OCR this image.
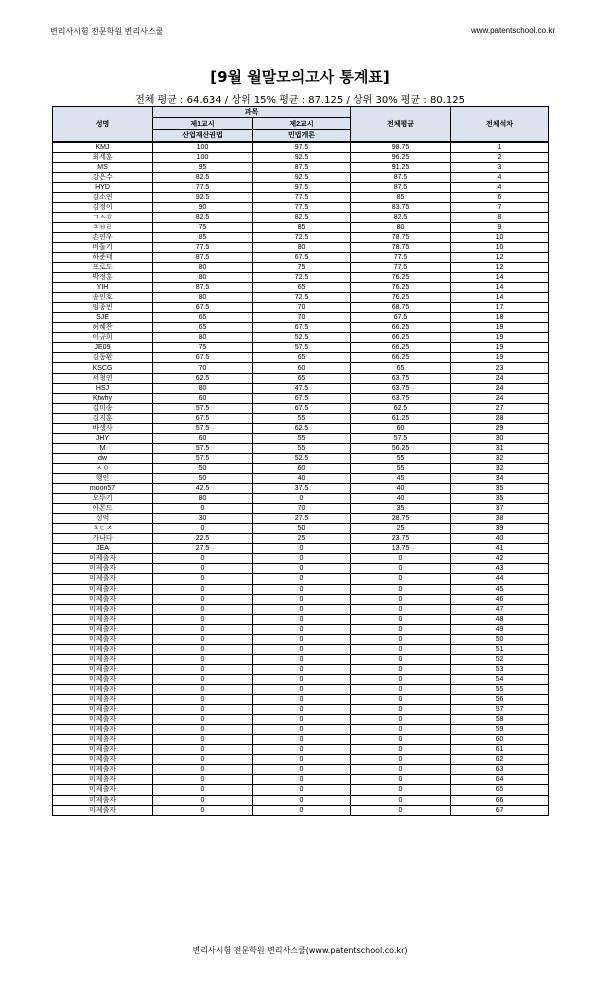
변리사시험 전문학원 변리사스쿨	www.patentschool.co.kr
[9월 월말모의고사 통계표]
전체 평균 : 64.634 / 상위 15% 평균 : 87.125 / 상위 30% 평균 : 80.125
성명	과목		전체평균	전체석차
	제1교시	제2교시		
	산업재산권법	민법개론		
KMJ	100	97.5	98.75	1
최세훈	100	92.5	96.25	2
MS	95	87.5	91.25	3
강은수	82.5	92.5	87.5	4
HYD	77.5	97.5	87.5	4
김소연	92.5	77.5	85	6
김정이	90	77.5	83.75	7
ㄱㅅㅎ	82.5	82.5	82.5	8
ㅊㅂㄹ	75	85	80	9
손연우	85	72.5	78.75	10
비둘기	77.5	80	78.75	10
하준태	87.5	67.5	77.5	12
프로도	80	75	77.5	12
박정훈	80	72.5	76.25	14
YIH	87.5	65	76.25	14
송인호	80	72.5	76.25	14
임종빈	67.5	70	68.75	17
SJE	65	70	67.5	18
허혜찬	65	67.5	66.25	19
이규희	80	52.5	66.25	19
JE09	75	57.5	66.25	19
김동환	67.5	65	66.25	19
KSCG	70	60	65	23
서청연	62.5	65	63.75	24
HSJ	80	47.5	63.75	24
Ktwhy	60	67.5	63.75	24
김미송	57.5	67.5	62.5	27
김지훈	67.5	55	61.25	28
바생사	57.5	62.5	60	29
JHY	60	55	57.5	30
M	57.5	55	56.25	31
dw	57.5	52.5	55	32
ㅅㅇ	50	60	55	32
행인	50	40	45	34
moon57	42.5	37.5	40	35
오뚜기	80	0	40	35
아몬드	0	70	35	37
성억	30	27.5	28.75	38
ㅊㄷㅈ	0	50	25	39
가나다	22.5	25	23.75	40
JEA	27.5	0	13.75	41
미제출자	0	0	0	42
미제출자	0	0	0	43
미제출자	0	0	0	44
미제출자	0	0	0	45
미제출자	0	0	0	46
미제출자	0	0	0	47
미제출자	0	0	0	48
미제출자	0	0	0	49
미제출자	0	0	0	50
미제출자	0	0	0	51
미제출자	0	0	0	52
미제출자	0	0	0	53
미제출자	0	0	0	54
미제출자	0	0	0	55
미제출자	0	0	0	56
미제출자	0	0	0	57
미제출자	0	0	0	58
미제출자	0	0	0	59
미제출자	0	0	0	60
미제출자	0	0	0	61
미제출자	0	0	0	62
미제출자	0	0	0	63
미제출자	0	0	0	64
미제출자	0	0	0	65
미제출자	0	0	0	66
미제출자	0	0	0	67
변리사시험 전문학원 변리사스쿨(www.patentschool.co.kr)
